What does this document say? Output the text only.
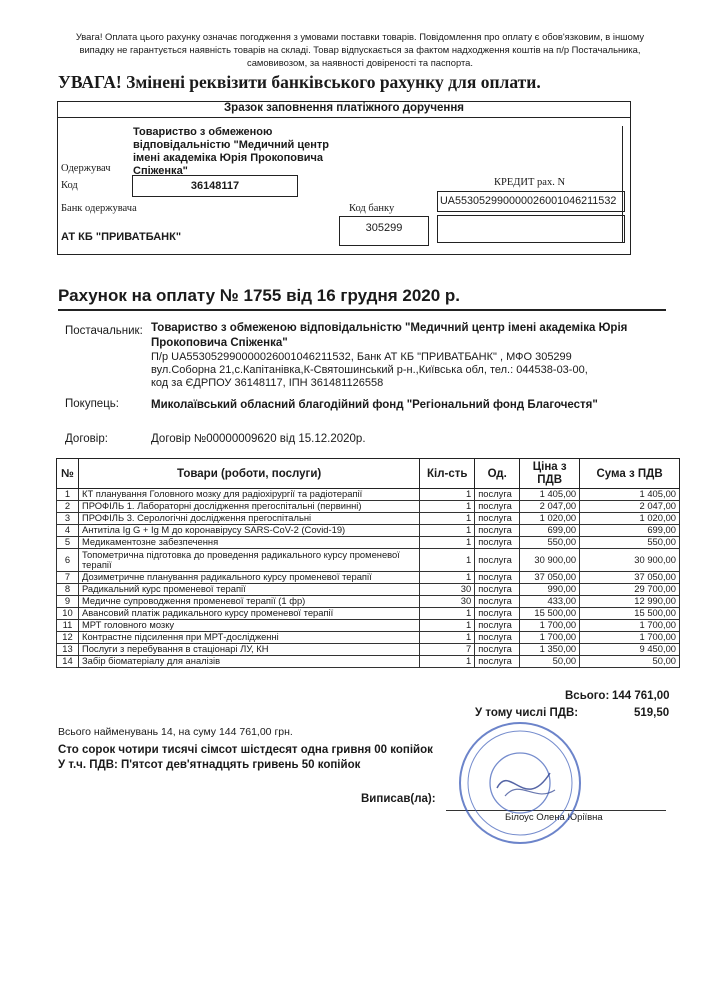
Увага! Оплата цього рахунку означає погодження з умовами поставки товарів. Повідомлення про оплату є обов'язковим, в іншому
випадку не гарантується наявність товарів на складі. Товар відпускається за фактом надходження коштів на п/р Постачальника,
самовивозом, за наявності довіреності та паспорта.
УВАГА! Змінені реквізити банківського рахунку для оплати.
Зразок заповнення платіжного доручення
Товариство з обмеженою
відповідальністю "Медичний центр
імені академіка Юрія Прокоповича
Спіженка"
Одержувач
Код	36148117	КРЕДИТ рах. N
UA553052990000026001046211532
Банк одержувача	Код банку
305299
АТ КБ "ПРИВАТБАНК"
Рахунок на оплату № 1755 від 16 грудня 2020 р.
Постачальник: Товариство з обмеженою відповідальністю "Медичний центр імені академіка Юрія
Прокоповича Спіженка"
П/р UA553052990000026001046211532, Банк АТ КБ "ПРИВАТБАНК" , МФО 305299
вул.Соборна 21,с.Капітанівка,К-Святошинський р-н.,Київська обл, тел.: 044538-03-00,
код за ЄДРПОУ 36148117, ІПН 361481126558
Покупець:	Миколаївський обласний благодійний фонд "Регіональний фонд Благочестя"
Договір:	Договір №00000009620 від 15.12.2020р.
№	Товари (роботи, послуги)	Кіл-сть	Од.	Ціна з
ПДВ	Сума з ПДВ
1	КТ планування Головного мозку для радіохірургії та радіотерапії	1	послуга	1 405,00	1 405,00
2	ПРОФІЛЬ 1. Лабораторні дослідження прегоспітальні (первинні)	1	послуга	2 047,00	2 047,00
3	ПРОФІЛЬ 3. Серологічні дослідження прегоспітальні	1	послуга	1 020,00	1 020,00
4	Антитіла Ig G + Ig M до коронавірусу SARS-CoV-2 (Covid-19)	1	послуга	699,00	699,00
5	Медикаментозне забезпечення	1	послуга	550,00	550,00
6	Топометрична підготовка до проведення радикального курсу променевої терапії	1	послуга	30 900,00	30 900,00
7	Дозиметричне планування радикального курсу променевої терапії	1	послуга	37 050,00	37 050,00
8	Радикальний курс променевої терапії	30	послуга	990,00	29 700,00
9	Медичне супроводження променевої терапії (1 фр)	30	послуга	433,00	12 990,00
10	Авансовий платіж радикального курсу променевої терапії	1	послуга	15 500,00	15 500,00
11	МРТ головного мозку	1	послуга	1 700,00	1 700,00
12	Контрастне підсилення при МРТ-дослідженні	1	послуга	1 700,00	1 700,00
13	Послуги з перебування в стаціонарі ЛУ, КН	7	послуга	1 350,00	9 450,00
14	Забір біоматеріалу для аналізів	1	послуга	50,00	50,00
Всього: 144 761,00
У тому числі ПДВ:	519,50
Всього найменувань 14, на суму 144 761,00 грн.
Сто сорок чотири тисячі сімсот шістдесят одна гривня 00 копійок
У т.ч. ПДВ: П'ятсот дев'ятнадцять гривень 50 копійок
Виписав(ла):
Білоус Олена Юріївна
